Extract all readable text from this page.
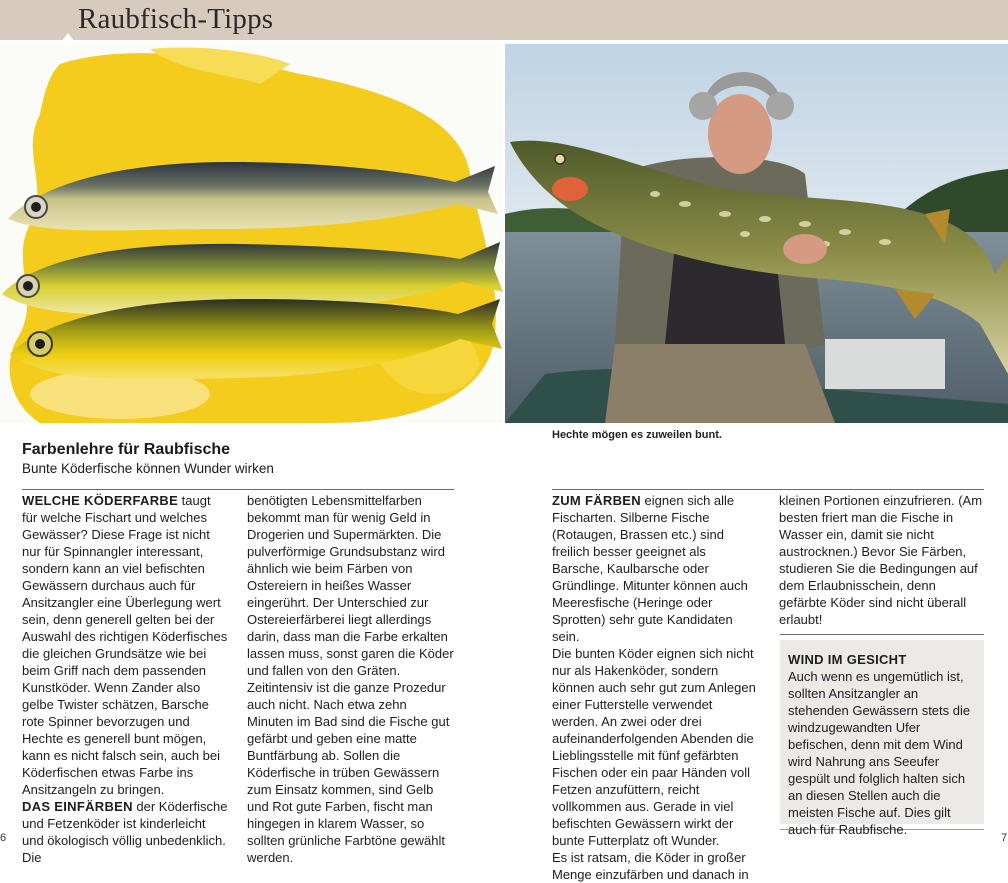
Raubfisch-Tipps
Hechte mögen es zuweilen bunt.
Farbenlehre für Raubfische
Bunte Köderfische können Wunder wirken

WELCHE KÖDERFARBE taugt für welche Fischart und welches Gewässer? Diese Frage ist nicht nur für Spinnangler interessant, sondern kann an viel befischten Gewässern durchaus auch für Ansitzangler eine Überlegung wert sein, denn generell gelten bei der Auswahl des richtigen Köderfisches die gleichen Grundsätze wie bei beim Griff nach dem passenden Kunstköder. Wenn Zander also gelbe Twister schätzen, Barsche rote Spinner bevorzugen und Hechte es generell bunt mögen, kann es nicht falsch sein, auch bei Köderfischen etwas Farbe ins Ansitzangeln zu bringen.

DAS EINFÄRBEN der Köderfische und Fetzenköder ist kinderleicht und ökologisch völlig unbedenklich. Die

benötigten Lebensmittelfarben bekommt man für wenig Geld in Drogerien und Supermärkten. Die pulverförmige Grundsubstanz wird ähnlich wie beim Färben von Ostereiern in heißes Wasser eingerührt. Der Unterschied zur Ostereierfärberei liegt allerdings darin, dass man die Farbe erkalten lassen muss, sonst garen die Köder und fallen von den Gräten. Zeitintensiv ist die ganze Prozedur auch nicht. Nach etwa zehn Minuten im Bad sind die Fische gut gefärbt und geben eine matte Buntfärbung ab. Sollen die Köderfische in trüben Gewässern zum Einsatz kommen, sind Gelb und Rot gute Farben, fischt man hingegen in klarem Wasser, so sollten grünliche Farbtöne gewählt werden.

ZUM FÄRBEN eignen sich alle Fischarten. Silberne Fische (Rotaugen, Brassen etc.) sind freilich besser geeignet als Barsche, Kaulbarsche oder Gründlinge. Mitunter können auch Meeresfische (Heringe oder Sprotten) sehr gute Kandidaten sein.

Die bunten Köder eignen sich nicht nur als Hakenköder, sondern können auch sehr gut zum Anlegen einer Futterstelle verwendet werden. An zwei oder drei aufeinanderfolgenden Abenden die Lieblingsstelle mit fünf gefärbten Fischen oder ein paar Händen voll Fetzen anzufüttern, reicht vollkommen aus. Gerade in viel befischten Gewässern wirkt der bunte Futterplatz oft Wunder.

Es ist ratsam, die Köder in großer Menge einzufärben und danach in

kleinen Portionen einzufrieren. (Am besten friert man die Fische in Wasser ein, damit sie nicht austrocknen.) Bevor Sie Färben, studieren Sie die Bedingungen auf dem Erlaubnisschein, denn gefärbte Köder sind nicht überall erlaubt!

WIND IM GESICHT

Auch wenn es ungemütlich ist, sollten Ansitzangler an stehenden Gewässern stets die windzugewandten Ufer befischen, denn mit dem Wind wird Nahrung ans Seeufer gespült und folglich halten sich an diesen Stellen auch die meisten Fische auf. Dies gilt auch für Raubfische.

6	7
